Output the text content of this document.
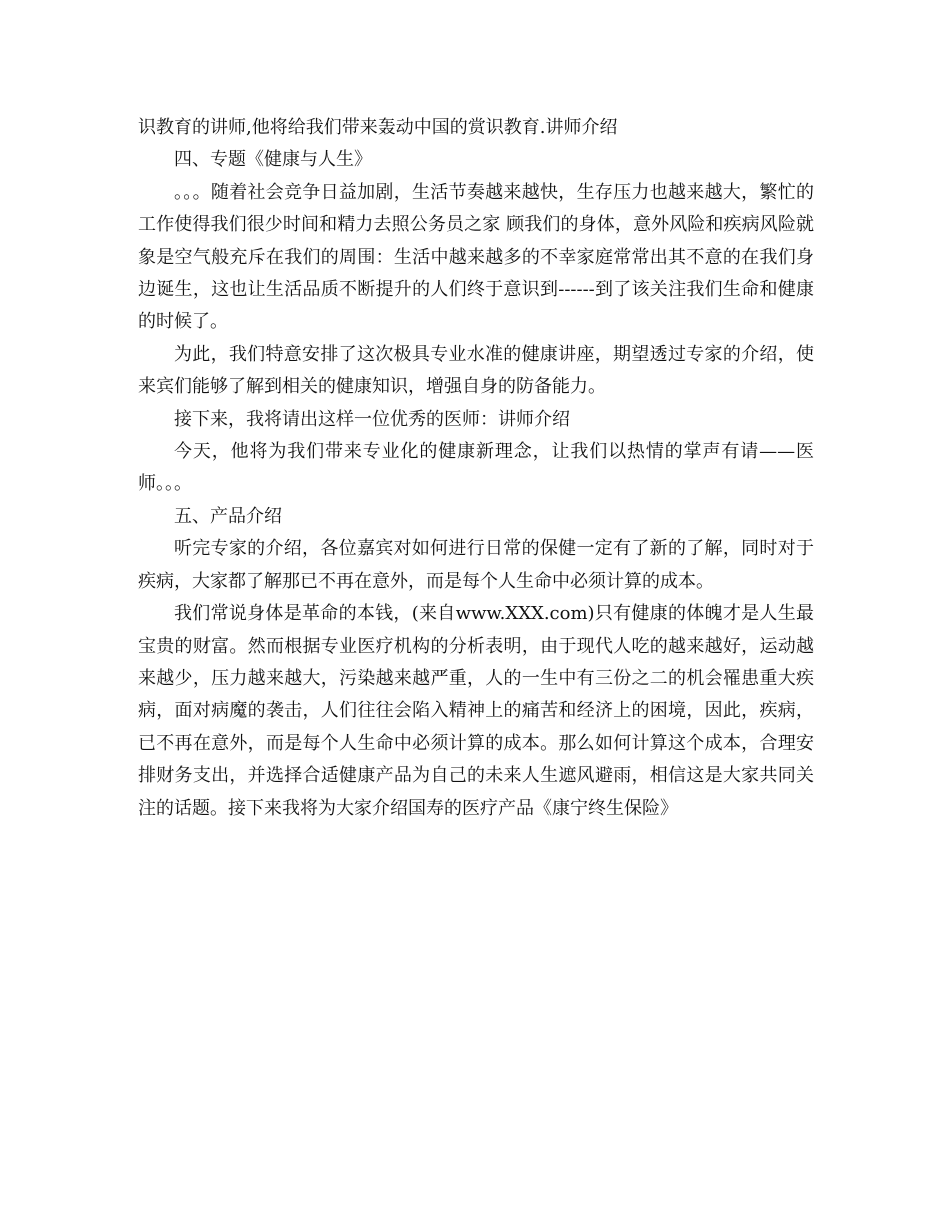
识教育的讲师,他将给我们带来轰动中国的赏识教育.讲师介绍

四、专题《健康与人生》

。。。随着社会竞争日益加剧，生活节奏越来越快，生存压力也越来越大，繁忙的工作使得我们很少时间和精力去照公务员之家 顾我们的身体，意外风险和疾病风险就象是空气般充斥在我们的周围：生活中越来越多的不幸家庭常常出其不意的在我们身边诞生，这也让生活品质不断提升的人们终于意识到------到了该关注我们生命和健康的时候了。

为此，我们特意安排了这次极具专业水准的健康讲座，期望透过专家的介绍，使来宾们能够了解到相关的健康知识，增强自身的防备能力。

接下来，我将请出这样一位优秀的医师：讲师介绍

今天，他将为我们带来专业化的健康新理念，让我们以热情的掌声有请——医师。。。

五、产品介绍

听完专家的介绍，各位嘉宾对如何进行日常的保健一定有了新的了解，同时对于疾病，大家都了解那已不再在意外，而是每个人生命中必须计算的成本。

我们常说身体是革命的本钱，(来自www.XXX.com)只有健康的体魄才是人生最宝贵的财富。然而根据专业医疗机构的分析表明，由于现代人吃的越来越好，运动越来越少，压力越来越大，污染越来越严重，人的一生中有三份之二的机会罹患重大疾病，面对病魔的袭击，人们往往会陷入精神上的痛苦和经济上的困境，因此，疾病，已不再在意外，而是每个人生命中必须计算的成本。那么如何计算这个成本，合理安排财务支出，并选择合适健康产品为自己的未来人生遮风避雨，相信这是大家共同关注的话题。接下来我将为大家介绍国寿的医疗产品《康宁终生保险》
